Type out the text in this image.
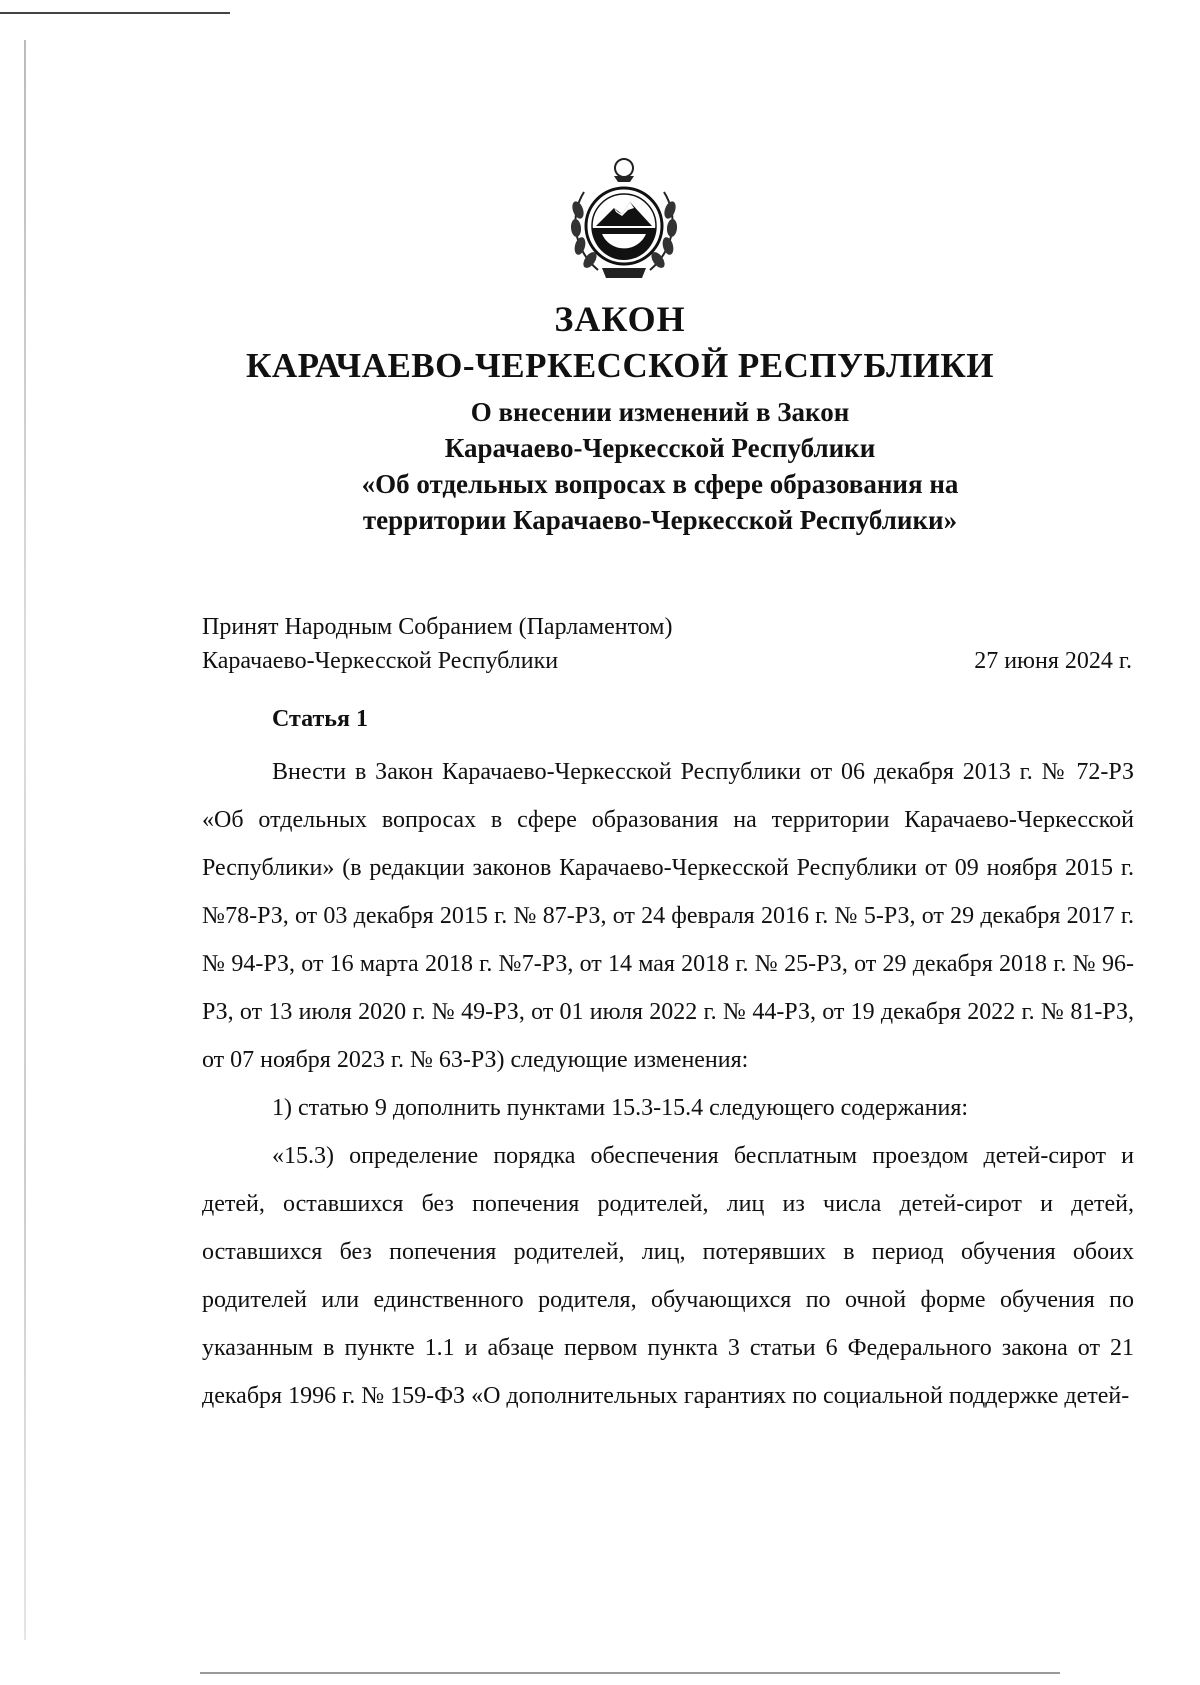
ЗАКОН
КАРАЧАЕВО-ЧЕРКЕССКОЙ РЕСПУБЛИКИ
О внесении изменений в Закон
Карачаево-Черкесской Республики
«Об отдельных вопросах в сфере образования на
территории Карачаево-Черкесской Республики»
Принят Народным Собранием (Парламентом)
Карачаево-Черкесской Республики	27 июня 2024 г.
Статья 1

Внести в Закон Карачаево-Черкесской Республики от 06 декабря 2013 г. № 72-РЗ «Об отдельных вопросах в сфере образования на территории Карачаево-Черкесской Республики» (в редакции законов Карачаево-Черкесской Республики от 09 ноября 2015 г. №78-РЗ, от 03 декабря 2015 г. № 87-РЗ, от 24 февраля 2016 г. № 5-РЗ, от 29 декабря 2017 г. № 94-РЗ, от 16 марта 2018 г. №7-РЗ, от 14 мая 2018 г. № 25-РЗ, от 29 декабря 2018 г. № 96-РЗ, от 13 июля 2020 г. № 49-РЗ, от 01 июля 2022 г. № 44-РЗ, от 19 декабря 2022 г. № 81-РЗ, от 07 ноября 2023 г. № 63-РЗ) следующие изменения:

1) статью 9 дополнить пунктами 15.3-15.4 следующего содержания:

«15.3) определение порядка обеспечения бесплатным проездом детей-сирот и детей, оставшихся без попечения родителей, лиц из числа детей-сирот и детей, оставшихся без попечения родителей, лиц, потерявших в период обучения обоих родителей или единственного родителя, обучающихся по очной форме обучения по указанным в пункте 1.1 и абзаце первом пункта 3 статьи 6 Федерального закона от 21 декабря 1996 г. № 159-ФЗ «О дополнительных гарантиях по социальной поддержке детей-
